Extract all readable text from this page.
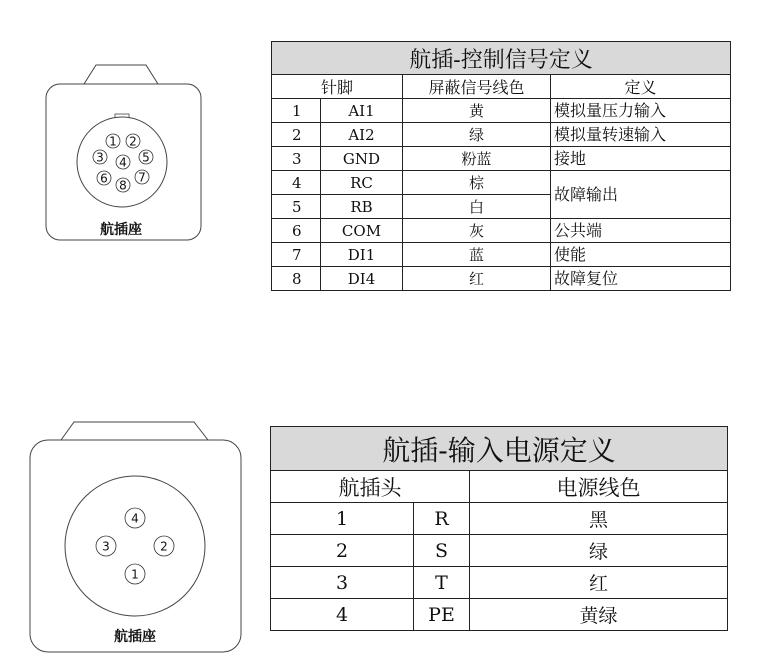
1 2
3 4 5
6 8
7
航插座
航插-控制信号定义			
针脚		屏蔽信号线色	定义
1	AI1	黄	模拟量压力输入
2	AI2	绿	模拟量转速输入
3	GND	粉蓝	接地
4	RC	棕	故障输出
5	RB	白	
6	COM	灰	公共端
7	DI1	蓝	使能
8	DI4	红	故障复位
4
3	2
1
航插座
航插-输入电源定义		
航插头		电源线色
1	R	黑
2	S	绿
3	T	红
4	PE	黄绿
